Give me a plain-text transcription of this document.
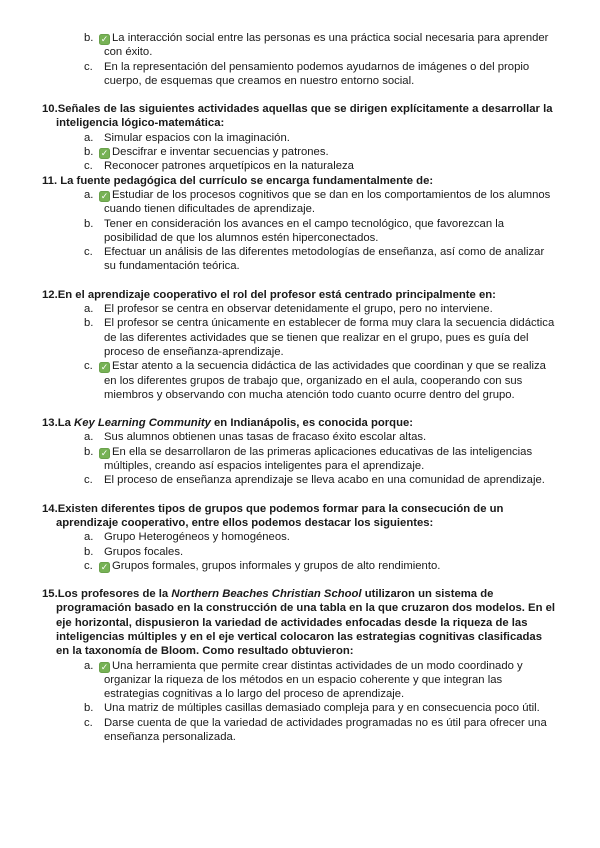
b. ✓ La interacción social entre las personas es una práctica social necesaria para aprender con éxito.
c. En la representación del pensamiento podemos ayudarnos de imágenes o del propio cuerpo, de esquemas que creamos en nuestro entorno social.
10.Señales de las siguientes actividades aquellas que se dirigen explícitamente a desarrollar la inteligencia lógico-matemática:
a. Simular espacios con la imaginación.
b. ✓ Descifrar e inventar secuencias y patrones.
c. Reconocer patrones arquetípicos en la naturaleza
11. La fuente pedagógica del currículo se encarga fundamentalmente de:
a. ✓ Estudiar de los procesos cognitivos que se dan en los comportamientos de los alumnos cuando tienen dificultades de aprendizaje.
b. Tener en consideración los avances en el campo tecnológico, que favorezcan la posibilidad de que los alumnos estén hiperconectados.
c. Efectuar un análisis de las diferentes metodologías de enseñanza, así como de analizar su fundamentación teórica.
12.En el aprendizaje cooperativo el rol del profesor está centrado principalmente en:
a. El profesor se centra en observar detenidamente el grupo, pero no interviene.
b. El profesor se centra únicamente en establecer de forma muy clara la secuencia didáctica de las diferentes actividades que se tienen que realizar en el grupo, pues es guía del proceso de enseñanza-aprendizaje.
c. ✓ Estar atento a la secuencia didáctica de las actividades que coordinan y que se realiza en los diferentes grupos de trabajo que, organizado en el aula, cooperando con sus miembros y observando con mucha atención todo cuanto ocurre dentro del grupo.
13.La Key Learning Community en Indianápolis, es conocida porque:
a. Sus alumnos obtienen unas tasas de fracaso éxito escolar altas.
b. ✓ En ella se desarrollaron de las primeras aplicaciones educativas de las inteligencias múltiples, creando así espacios inteligentes para el aprendizaje.
c. El proceso de enseñanza aprendizaje se lleva acabo en una comunidad de aprendizaje.
14.Existen diferentes tipos de grupos que podemos formar para la consecución de un aprendizaje cooperativo, entre ellos podemos destacar los siguientes:
a. Grupo Heterogéneos y homogéneos.
b. Grupos focales.
c. ✓ Grupos formales, grupos informales y grupos de alto rendimiento.
15.Los profesores de la Northern Beaches Christian School utilizaron un sistema de programación basado en la construcción de una tabla en la que cruzaron dos modelos. En el eje horizontal, dispusieron la variedad de actividades enfocadas desde la riqueza de las inteligencias múltiples y en el eje vertical colocaron las estrategias cognitivas clasificadas en la taxonomía de Bloom. Como resultado obtuvieron:
a. ✓ Una herramienta que permite crear distintas actividades de un modo coordinado y organizar la riqueza de los métodos en un espacio coherente y que integran las estrategias cognitivas a lo largo del proceso de aprendizaje.
b. Una matriz de múltiples casillas demasiado compleja para y en consecuencia poco útil.
c. Darse cuenta de que la variedad de actividades programadas no es útil para ofrecer una enseñanza personalizada.
